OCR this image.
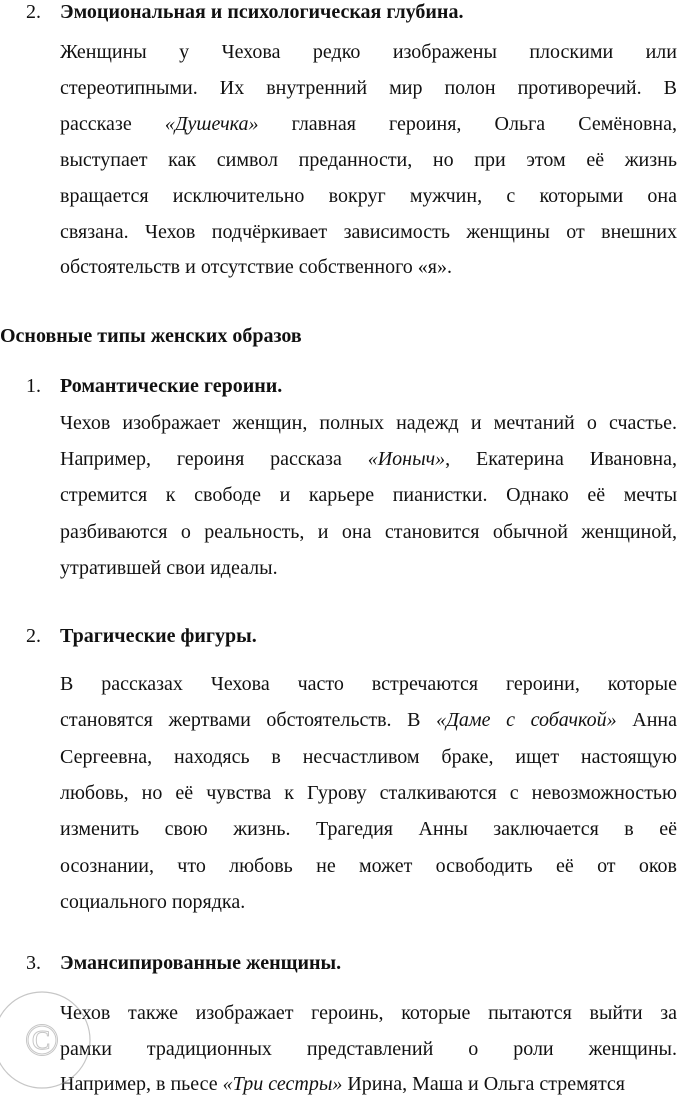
2. Эмоциональная и психологическая глубина.
Женщины у Чехова редко изображены плоскими или
стереотипными. Их внутренний мир полон противоречий. В
рассказе «Душечка» главная героиня, Ольга Семёновна,
выступает как символ преданности, но при этом её жизнь
вращается исключительно вокруг мужчин, с которыми она
связана. Чехов подчёркивает зависимость женщины от внешних
обстоятельств и отсутствие собственного «я».
Основные типы женских образов
1. Романтические героини.
Чехов изображает женщин, полных надежд и мечтаний о счастье.
Например, героиня рассказа «Ионыч», Екатерина Ивановна,
стремится к свободе и карьере пианистки. Однако её мечты
разбиваются о реальность, и она становится обычной женщиной,
утратившей свои идеалы.
2. Трагические фигуры.
В рассказах Чехова часто встречаются героини, которые
становятся жертвами обстоятельств. В «Даме с собачкой» Анна
Сергеевна, находясь в несчастливом браке, ищет настоящую
любовь, но её чувства к Гурову сталкиваются с невозможностью
изменить свою жизнь. Трагедия Анны заключается в её
осознании, что любовь не может освободить её от оков
социального порядка.
3. Эмансипированные женщины.
Чехов также изображает героинь, которые пытаются выйти за
рамки традиционных представлений о роли женщины.
Например, в пьесе «Три сестры» Ирина, Маша и Ольга стремятся
©
